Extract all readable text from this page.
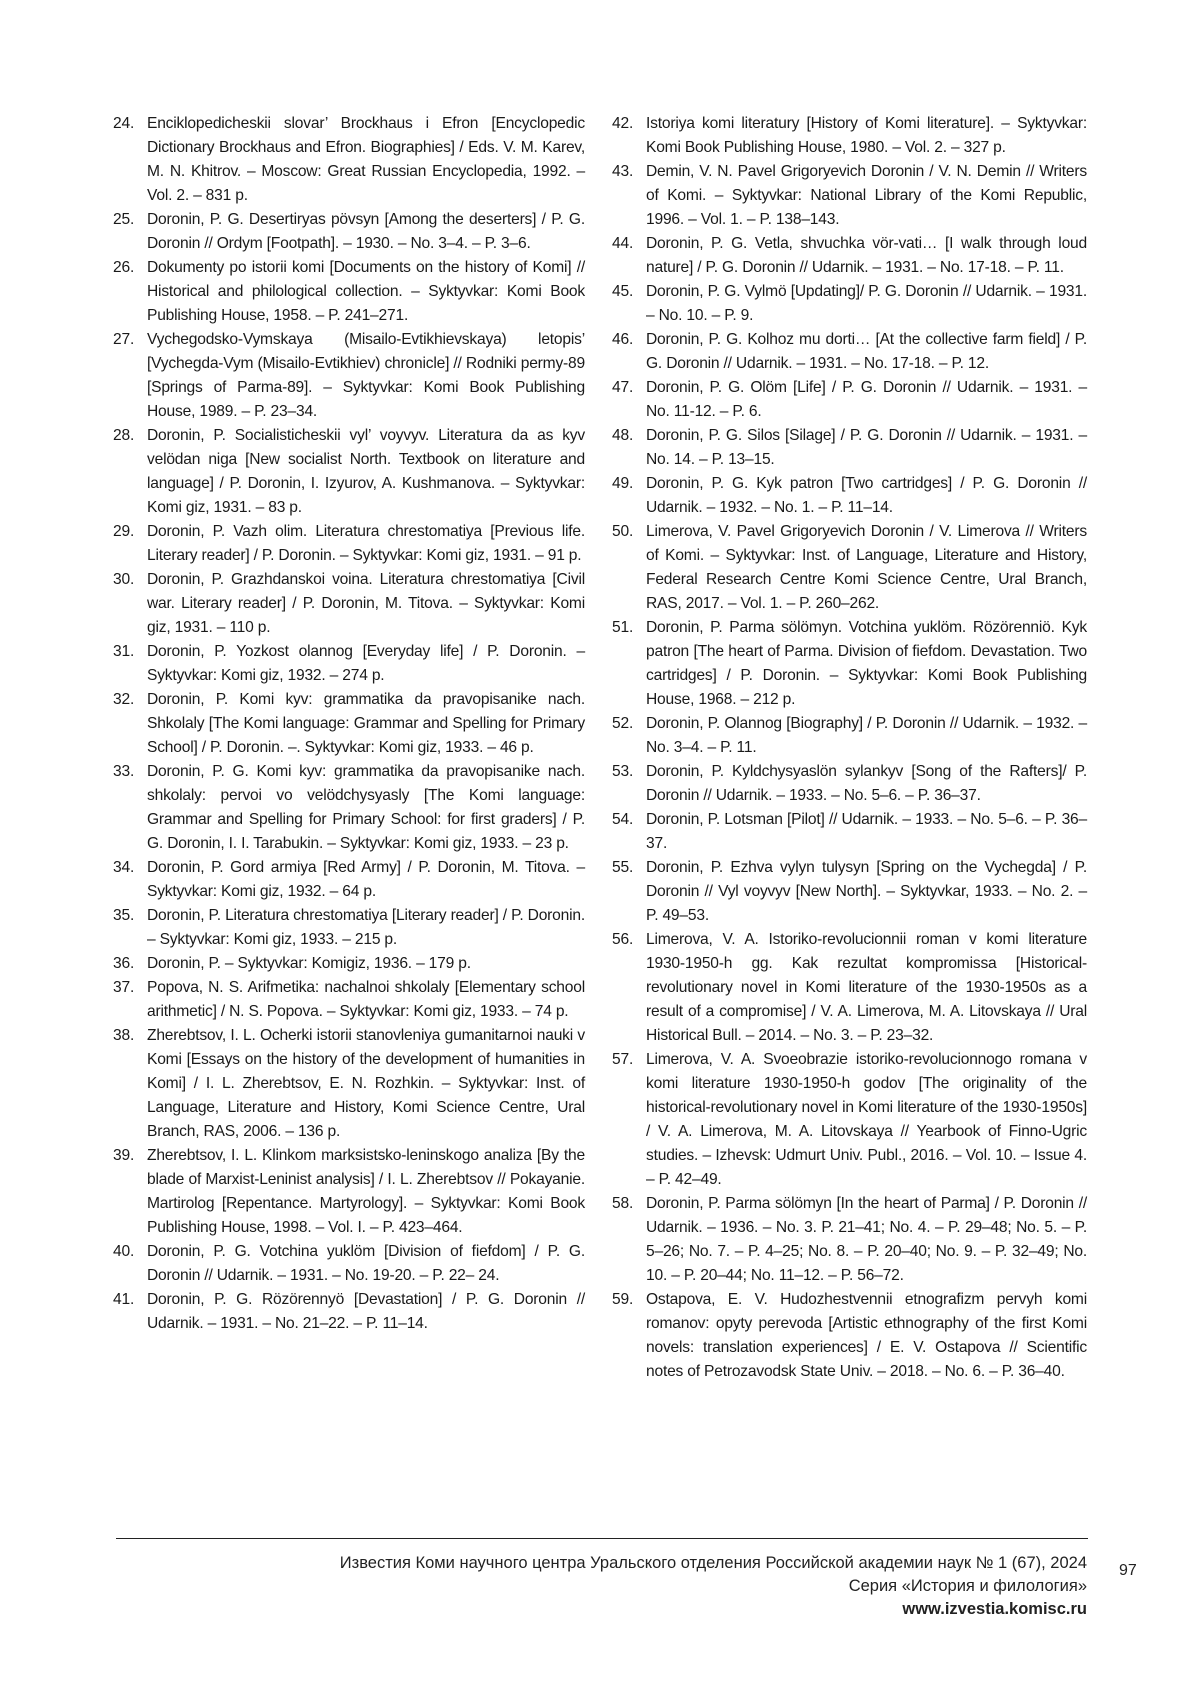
24. Enciklopedicheskii slovar’ Brockhaus i Efron [Encyclopedic Dictionary Brockhaus and Efron. Biographies] / Eds. V. M. Karev, M. N. Khitrov. – Moscow: Great Russian Encyclopedia, 1992. – Vol. 2. – 831 p.
25. Doronin, P. G. Desertiryas pövsyn [Among the deserters] / P. G. Doronin // Ordym [Footpath]. – 1930. – No. 3–4. – P. 3–6.
26. Dokumenty po istorii komi [Documents on the history of Komi] // Historical and philological collection. – Syktyvkar: Komi Book Publishing House, 1958. – P. 241–271.
27. Vychegodsko-Vymskaya (Misailo-Evtikhievskaya) letopis’ [Vychegda-Vym (Misailo-Evtikhiev) chronicle] // Rodniki permy-89 [Springs of Parma-89]. – Syktyvkar: Komi Book Publishing House, 1989. – P. 23–34.
28. Doronin, P. Socialisticheskii vyl’ voyvyv. Literatura da as kyv velödan niga [New socialist North. Textbook on literature and language] / P. Doronin, I. Izyurov, A. Kushmanova. – Syktyvkar: Komi giz, 1931. – 83 p.
29. Doronin, P. Vazh olim. Literatura chrestomatiya [Previous life. Literary reader] / P. Doronin. – Syktyvkar: Komi giz, 1931. – 91 p.
30. Doronin, P. Grazhdanskoi voina. Literatura chrestomatiya [Civil war. Literary reader] / P. Doronin, M. Titova. – Syktyvkar: Komi giz, 1931. – 110 p.
31. Doronin, P. Yozkost olannog [Everyday life] / P. Doronin. – Syktyvkar: Komi giz, 1932. – 274 p.
32. Doronin, P. Komi kyv: grammatika da pravopisanike nach. Shkolaly [The Komi language: Grammar and Spelling for Primary School] / P. Doronin. –. Syktyvkar: Komi giz, 1933. – 46 p.
33. Doronin, P. G. Komi kyv: grammatika da pravopisanike nach. shkolaly: pervoi vo velödchysyasly [The Komi language: Grammar and Spelling for Primary School: for first graders] / P. G. Doronin, I. I. Tarabukin. – Syktyvkar: Komi giz, 1933. – 23 p.
34. Doronin, P. Gord armiya [Red Army] / P. Doronin, M. Titova. – Syktyvkar: Komi giz, 1932. – 64 p.
35. Doronin, P. Literatura chrestomatiya [Literary reader] / P. Doronin. – Syktyvkar: Komi giz, 1933. – 215 p.
36. Doronin, P. – Syktyvkar: Komigiz, 1936. – 179 p.
37. Popova, N. S. Arifmetika: nachalnoi shkolaly [Elementary school arithmetic] / N. S. Popova. – Syktyvkar: Komi giz, 1933. – 74 p.
38. Zherebtsov, I. L. Ocherki istorii stanovleniya gumanitarnoi nauki v Komi [Essays on the history of the development of humanities in Komi] / I. L. Zherebtsov, E. N. Rozhkin. – Syktyvkar: Inst. of Language, Literature and History, Komi Science Centre, Ural Branch, RAS, 2006. – 136 p.
39. Zherebtsov, I. L. Klinkom marksistsko-leninskogo analiza [By the blade of Marxist-Leninist analysis] / I. L. Zherebtsov // Pokayanie. Martirolog [Repentance. Martyrology]. – Syktyvkar: Komi Book Publishing House, 1998. – Vol. I. – P. 423–464.
40. Doronin, P. G. Votchina yuklöm [Division of fiefdom] / P. G. Doronin // Udarnik. – 1931. – No. 19-20. – P. 22– 24.
41. Doronin, P. G. Rözörennyö [Devastation] / P. G. Doronin // Udarnik. – 1931. – No. 21–22. – P. 11–14.
42. Istoriya komi literatury [History of Komi literature]. – Syktyvkar: Komi Book Publishing House, 1980. – Vol. 2. – 327 p.
43. Demin, V. N. Pavel Grigoryevich Doronin / V. N. Demin // Writers of Komi. – Syktyvkar: National Library of the Komi Republic, 1996. – Vol. 1. – P. 138–143.
44. Doronin, P. G. Vetla, shvuchka vör-vati… [I walk through loud nature] / P. G. Doronin // Udarnik. – 1931. – No. 17-18. – P. 11.
45. Doronin, P. G. Vylmö [Updating]/ P. G. Doronin // Udarnik. – 1931. – No. 10. – P. 9.
46. Doronin, P. G. Kolhoz mu dorti… [At the collective farm field] / P. G. Doronin // Udarnik. – 1931. – No. 17-18. – P. 12.
47. Doronin, P. G. Olöm [Life] / P. G. Doronin // Udarnik. – 1931. – No. 11-12. – P. 6.
48. Doronin, P. G. Silos [Silage] / P. G. Doronin // Udarnik. – 1931. – No. 14. – P. 13–15.
49. Doronin, P. G. Kyk patron [Two cartridges] / P. G. Doronin // Udarnik. – 1932. – No. 1. – P. 11–14.
50. Limerova, V. Pavel Grigoryevich Doronin / V. Limerova // Writers of Komi. – Syktyvkar: Inst. of Language, Literature and History, Federal Research Centre Komi Science Centre, Ural Branch, RAS, 2017. – Vol. 1. – P. 260–262.
51. Doronin, P. Parma sölömyn. Votchina yuklöm. Rözörenniö. Kyk patron [The heart of Parma. Division of fiefdom. Devastation. Two cartridges] / P. Doronin. – Syktyvkar: Komi Book Publishing House, 1968. – 212 p.
52. Doronin, P. Olannog [Biography] / P. Doronin // Udarnik. – 1932. – No. 3–4. – P. 11.
53. Doronin, P. Kyldchysyaslön sylankyv [Song of the Rafters]/ P. Doronin // Udarnik. – 1933. – No. 5–6. – P. 36–37.
54. Doronin, P. Lotsman [Pilot] // Udarnik. – 1933. – No. 5–6. – P. 36–37.
55. Doronin, P. Ezhva vylyn tulysyn [Spring on the Vychegda] / P. Doronin // Vyl voyvyv [New North]. – Syktyvkar, 1933. – No. 2. – P. 49–53.
56. Limerova, V. A. Istoriko-revolucionnii roman v komi literature 1930-1950-h gg. Kak rezultat kompromissa [Historical-revolutionary novel in Komi literature of the 1930-1950s as a result of a compromise] / V. A. Limerova, M. A. Litovskaya // Ural Historical Bull. – 2014. – No. 3. – P. 23–32.
57. Limerova, V. A. Svoeobrazie istoriko-revolucionnogo romana v komi literature 1930-1950-h godov [The originality of the historical-revolutionary novel in Komi literature of the 1930-1950s] / V. A. Limerova, M. A. Litovskaya // Yearbook of Finno-Ugric studies. – Izhevsk: Udmurt Univ. Publ., 2016. – Vol. 10. – Issue 4. – P. 42–49.
58. Doronin, P. Parma sölömyn [In the heart of Parma] / P. Doronin // Udarnik. – 1936. – No. 3. P. 21–41; No. 4. – P. 29–48; No. 5. – P. 5–26; No. 7. – P. 4–25; No. 8. – P. 20–40; No. 9. – P. 32–49; No. 10. – P. 20–44; No. 11–12. – P. 56–72.
59. Ostapova, E. V. Hudozhestvennii etnografizm pervyh komi romanov: opyty perevoda [Artistic ethnography of the first Komi novels: translation experiences] / E. V. Ostapova // Scientific notes of Petrozavodsk State Univ. – 2018. – No. 6. – P. 36–40.
Известия Коми научного центра Уральского отделения Российской академии наук № 1 (67), 2024
Серия «История и филология»
www.izvestia.komisc.ru
97
